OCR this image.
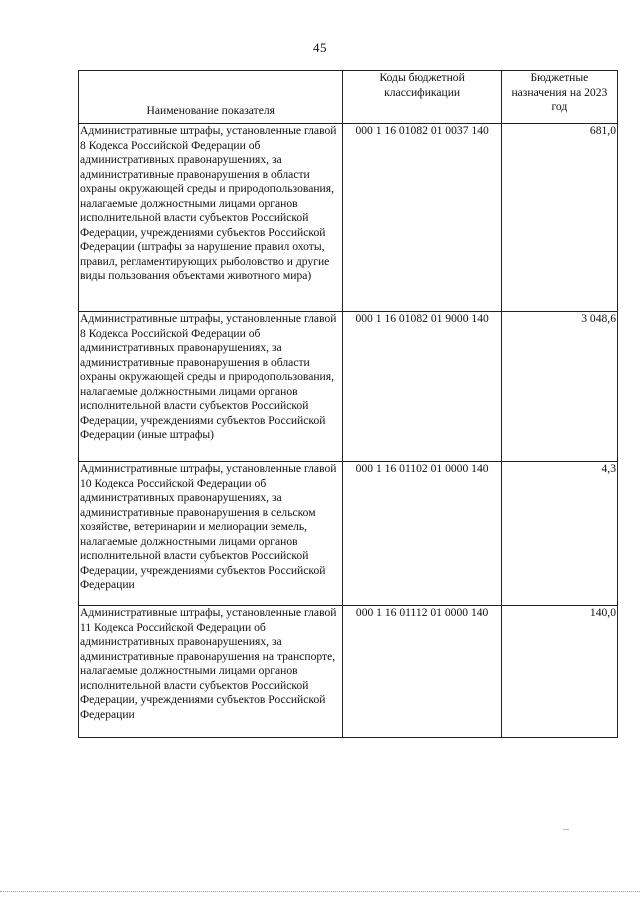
45
Наименование показателя	Коды бюджетной классификации	Бюджетные назначения на 2023 год
Административные штрафы, установленные главой 8 Кодекса Российской Федерации об административных правонарушениях, за административные правонарушения в области охраны окружающей среды и природопользования, налагаемые должностными лицами органов исполнительной власти субъектов Российской Федерации, учреждениями субъектов Российской Федерации (штрафы за нарушение правил охоты, правил, регламентирующих рыболовство и другие виды пользования объектами животного мира)	000 1 16 01082 01 0037 140	681,0
Административные штрафы, установленные главой 8 Кодекса Российской Федерации об административных правонарушениях, за административные правонарушения в области охраны окружающей среды и природопользования, налагаемые должностными лицами органов исполнительной власти субъектов Российской Федерации, учреждениями субъектов Российской Федерации (иные штрафы)	000 1 16 01082 01 9000 140	3 048,6
Административные штрафы, установленные главой 10 Кодекса Российской Федерации об административных правонарушениях, за административные правонарушения в сельском хозяйстве, ветеринарии и мелиорации земель, налагаемые должностными лицами органов исполнительной власти субъектов Российской Федерации, учреждениями субъектов Российской Федерации	000 1 16 01102 01 0000 140	4,3
Административные штрафы, установленные главой 11 Кодекса Российской Федерации об административных правонарушениях, за административные правонарушения на транспорте, налагаемые должностными лицами органов исполнительной власти субъектов Российской Федерации, учреждениями субъектов Российской Федерации	000 1 16 01112 01 0000 140	140,0
